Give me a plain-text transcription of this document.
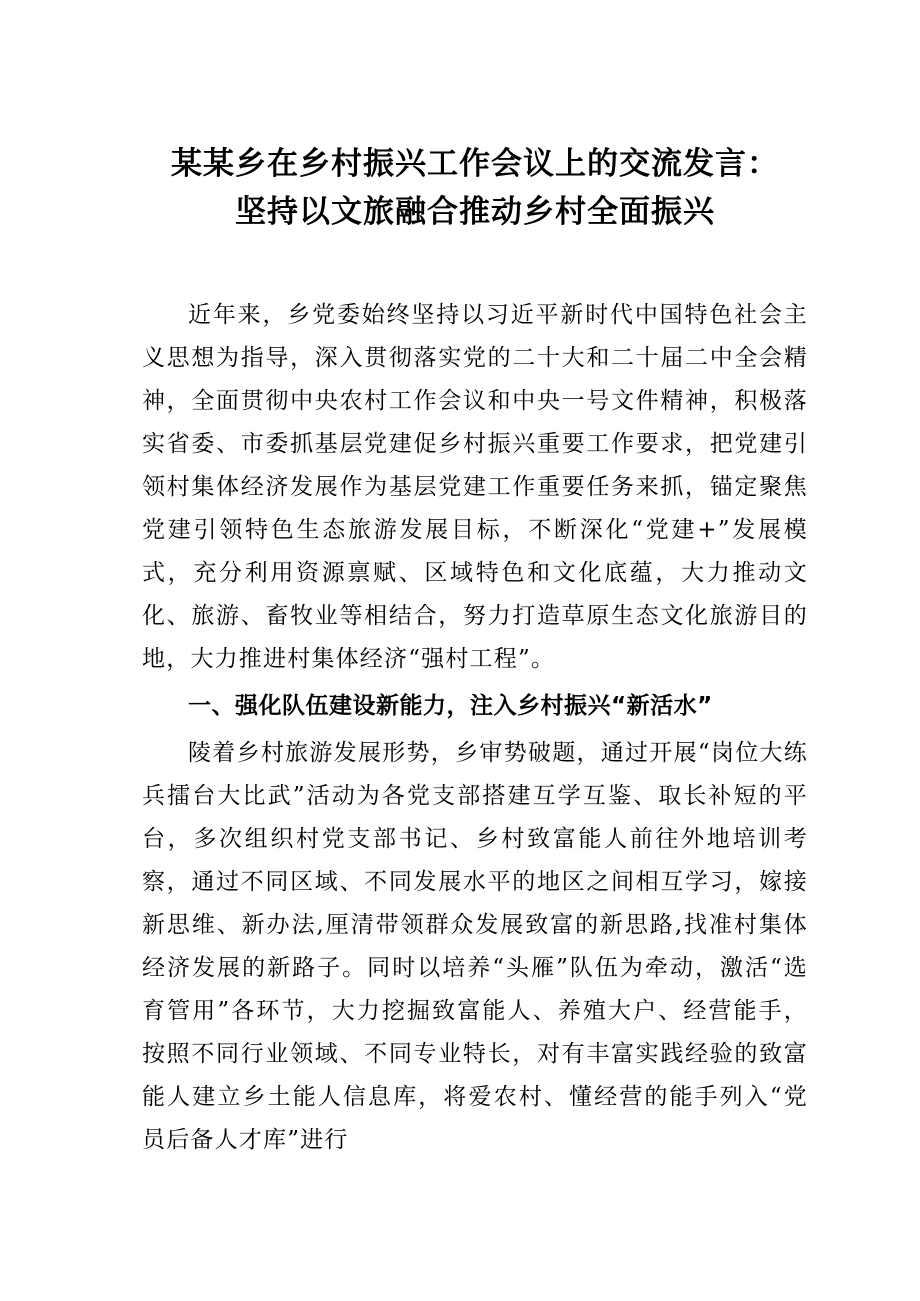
某某乡在乡村振兴工作会议上的交流发言：
坚持以文旅融合推动乡村全面振兴

近年来，乡党委始终坚持以习近平新时代中国特色社会主义思想为指导，深入贯彻落实党的二十大和二十届二中全会精神，全面贯彻中央农村工作会议和中央一号文件精神，积极落实省委、市委抓基层党建促乡村振兴重要工作要求，把党建引领村集体经济发展作为基层党建工作重要任务来抓，锚定聚焦党建引领特色生态旅游发展目标，不断深化“党建+”发展模式，充分利用资源禀赋、区域特色和文化底蕴，大力推动文化、旅游、畜牧业等相结合，努力打造草原生态文化旅游目的地，大力推进村集体经济“强村工程”。

一、强化队伍建设新能力，注入乡村振兴“新活水”

陵着乡村旅游发展形势，乡审势破题，通过开展“岗位大练兵擂台大比武”活动为各党支部搭建互学互鉴、取长补短的平台，多次组织村党支部书记、乡村致富能人前往外地培训考察，通过不同区域、不同发展水平的地区之间相互学习，嫁接新思维、新办法,厘清带领群众发展致富的新思路,找准村集体经济发展的新路子。同时以培养“头雁”队伍为牵动，激活“选育管用”各环节，大力挖掘致富能人、养殖大户、经营能手，按照不同行业领域、不同专业特长，对有丰富实践经验的致富能人建立乡土能人信息库，将爱农村、懂经营的能手列入“党员后备人才库”进行
